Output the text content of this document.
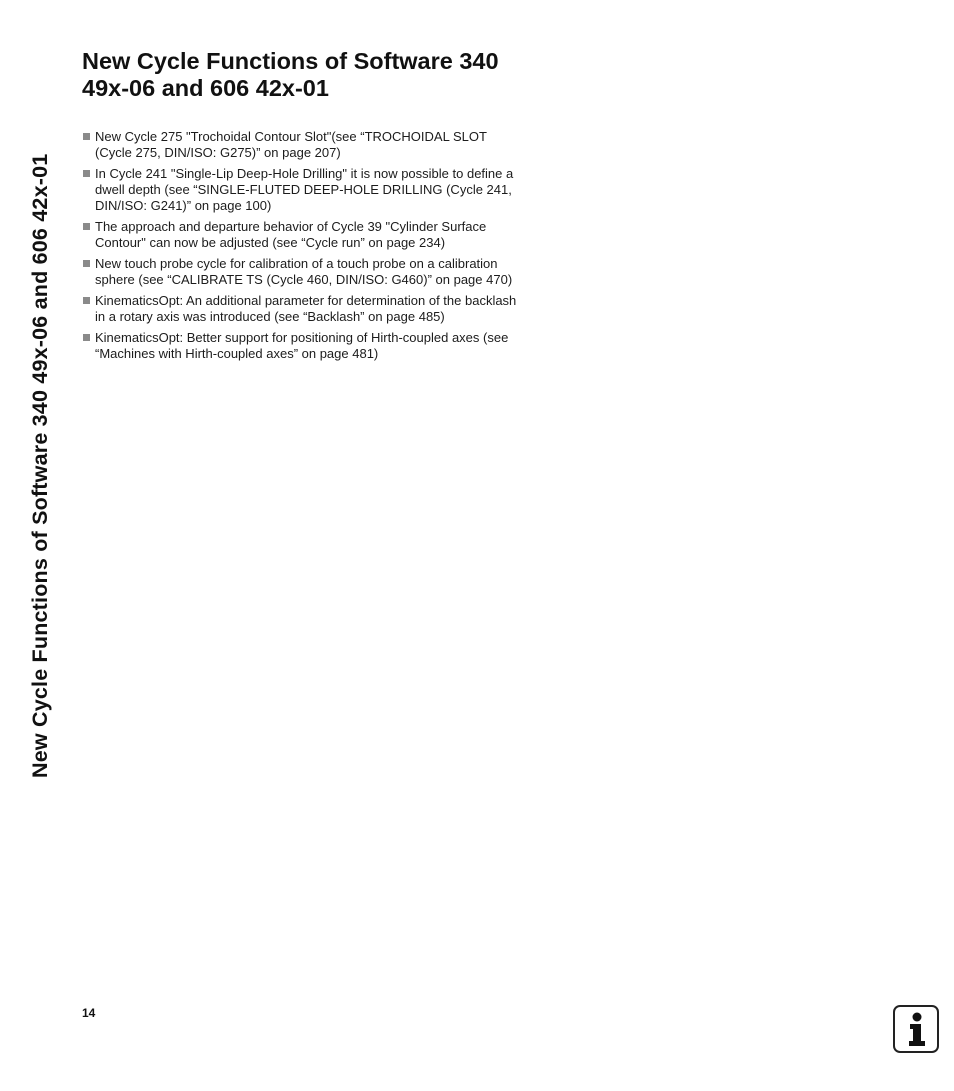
New Cycle Functions of Software 340 49x-06 and 606 42x-01
New Cycle Functions of Software 340 49x-06 and 606 42x-01
New Cycle 275 "Trochoidal Contour Slot"(see “TROCHOIDAL SLOT (Cycle 275, DIN/ISO: G275)” on page 207)
In Cycle 241 "Single-Lip Deep-Hole Drilling" it is now possible to define a dwell depth (see “SINGLE-FLUTED DEEP-HOLE DRILLING (Cycle 241, DIN/ISO: G241)” on page 100)
The approach and departure behavior of Cycle 39 "Cylinder Surface Contour" can now be adjusted (see “Cycle run” on page 234)
New touch probe cycle for calibration of a touch probe on a calibration sphere (see “CALIBRATE TS (Cycle 460, DIN/ISO: G460)” on page 470)
KinematicsOpt: An additional parameter for determination of the backlash in a rotary axis was introduced (see “Backlash” on page 485)
KinematicsOpt: Better support for positioning of Hirth-coupled axes (see “Machines with Hirth-coupled axes” on page 481)
14
